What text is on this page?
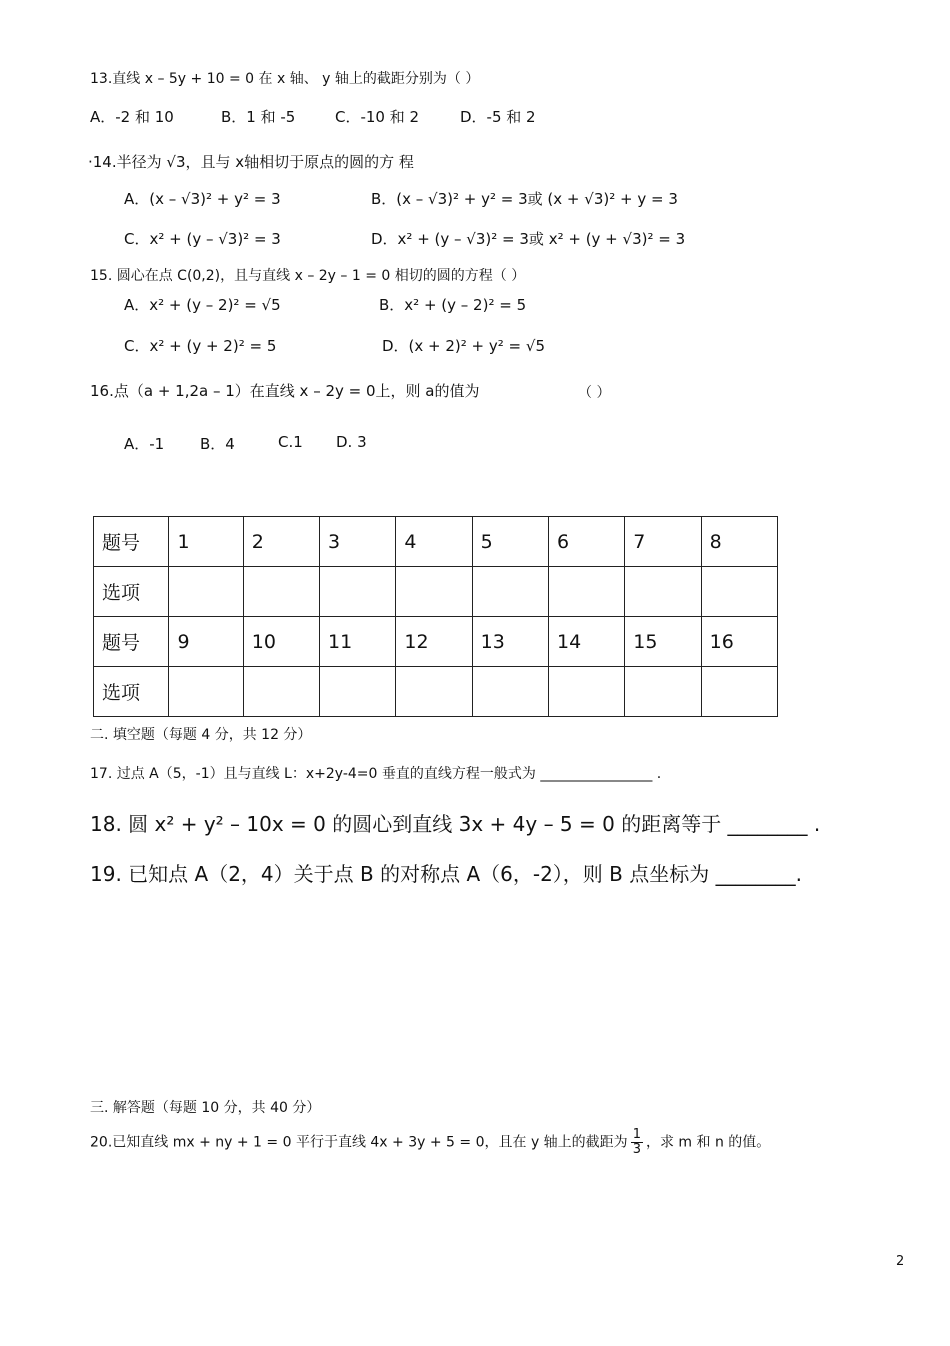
13.直线 x – 5y + 10 = 0 在 x 轴、 y 轴上的截距分别为（ ）
A．-2 和 10	B．1 和 -5	C．-10 和 2	D．-5 和 2
·14.半径为 √3，且与 x轴相切于原点的圆的方 程
A．(x – √3)² + y² = 3	B．(x – √3)² + y² = 3或 (x + √3)² + y = 3
C．x² + (y – √3)² = 3	D．x² + (y – √3)² = 3或 x² + (y + √3)² = 3
15. 圆心在点 C(0,2)，且与直线 x – 2y – 1 = 0 相切的圆的方程（ ）
A．x² + (y – 2)² = √5	B．x² + (y – 2)² = 5
C．x² + (y + 2)² = 5	D．(x + 2)² + y² = √5
16.点（a + 1,2a – 1）在直线 x – 2y = 0上，则 a的值为	（ ）
A．-1 B．4	C.1 D. 3
题号	1	2	3	4	5	6	7	8
选项								
题号	9	10	11	12	13	14	15	16
选项								
二. 填空题（每题 4 分，共 12 分）
17. 过点 A（5，-1）且与直线 L：x+2y-4=0 垂直的直线方程一般式为 ________________ .
18. 圆 x² + y² – 10x = 0 的圆心到直线 3x + 4y – 5 = 0 的距离等于 ________ .
19. 已知点 A（2，4）关于点 B 的对称点 A（6，-2），则 B 点坐标为 ________.
三. 解答题（每题 10 分，共 40 分）
20.已知直线 mx + ny + 1 = 0 平行于直线 4x + 3y + 5 = 0，且在 y 轴上的截距为 $\frac{1}{3}$ ，求 m 和 n 的值。
2
